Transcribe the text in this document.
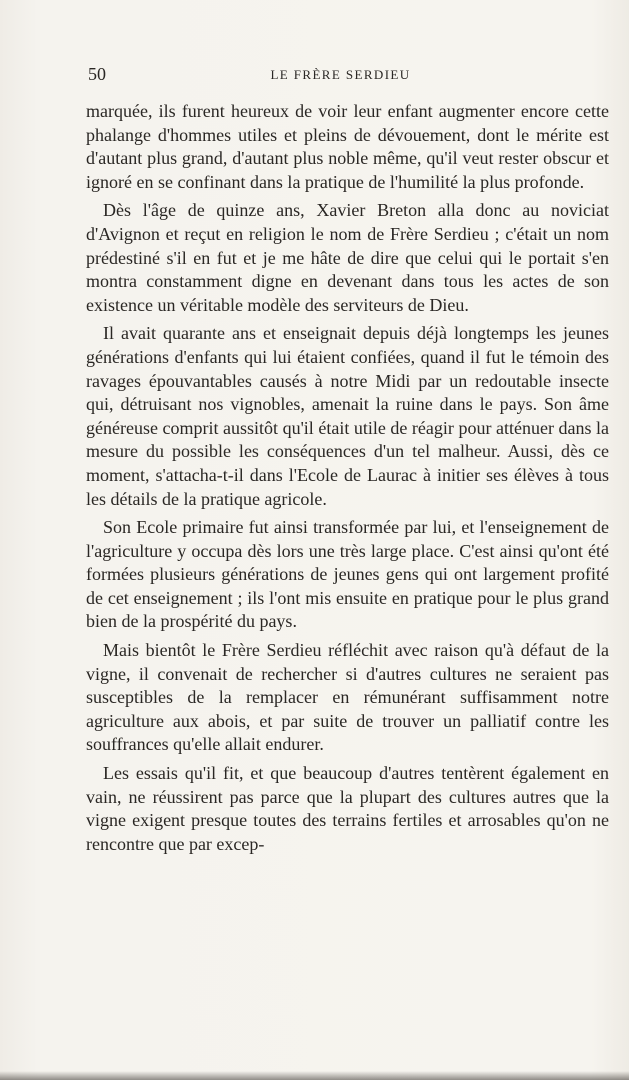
50	LE FRÈRE SERDIEU

marquée, ils furent heureux de voir leur enfant augmenter encore cette phalange d'hommes utiles et pleins de dévouement, dont le mérite est d'autant plus grand, d'autant plus noble même, qu'il veut rester obscur et ignoré en se confinant dans la pratique de l'humilité la plus profonde.

Dès l'âge de quinze ans, Xavier Breton alla donc au noviciat d'Avignon et reçut en religion le nom de Frère Serdieu ; c'était un nom prédestiné s'il en fut et je me hâte de dire que celui qui le portait s'en montra constamment digne en devenant dans tous les actes de son existence un véritable modèle des serviteurs de Dieu.

Il avait quarante ans et enseignait depuis déjà longtemps les jeunes générations d'enfants qui lui étaient confiées, quand il fut le témoin des ravages épouvantables causés à notre Midi par un redoutable insecte qui, détruisant nos vignobles, amenait la ruine dans le pays. Son âme généreuse comprit aussitôt qu'il était utile de réagir pour atténuer dans la mesure du possible les conséquences d'un tel malheur. Aussi, dès ce moment, s'attacha-t-il dans l'Ecole de Laurac à initier ses élèves à tous les détails de la pratique agricole.

Son Ecole primaire fut ainsi transformée par lui, et l'enseignement de l'agriculture y occupa dès lors une très large place. C'est ainsi qu'ont été formées plusieurs générations de jeunes gens qui ont largement profité de cet enseignement ; ils l'ont mis ensuite en pratique pour le plus grand bien de la prospérité du pays.

Mais bientôt le Frère Serdieu réfléchit avec raison qu'à défaut de la vigne, il convenait de rechercher si d'autres cultures ne seraient pas susceptibles de la remplacer en rémunérant suffisamment notre agriculture aux abois, et par suite de trouver un palliatif contre les souffrances qu'elle allait endurer.

Les essais qu'il fit, et que beaucoup d'autres tentèrent également en vain, ne réussirent pas parce que la plupart des cultures autres que la vigne exigent presque toutes des terrains fertiles et arrosables qu'on ne rencontre que par excep-
